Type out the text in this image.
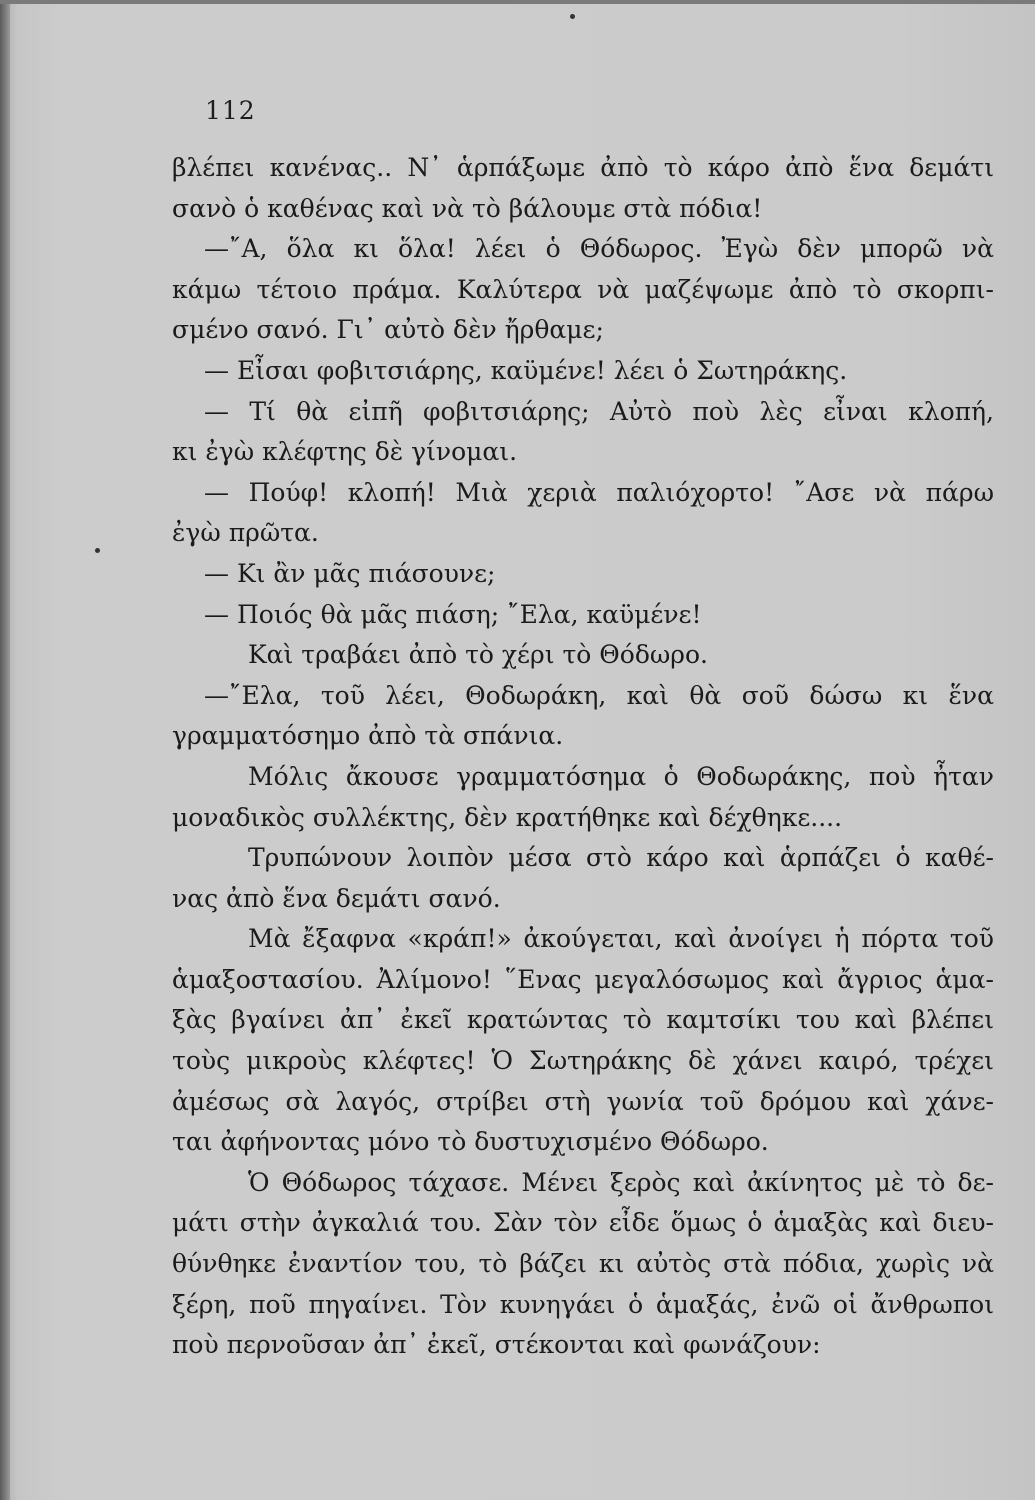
112
βλέπει κανένας.. Ν᾽ ἁρπάξωμε ἀπὸ τὸ κάρο ἀπὸ ἕνα δεμάτι
σανὸ ὁ καθένας καὶ νὰ τὸ βάλουμε στὰ πόδια!
—῎Α, ὅλα κι ὅλα! λέει ὁ Θόδωρος. Ἐγὼ δὲν μπορῶ νὰ
κάμω τέτοιο πράμα. Καλύτερα νὰ μαζέψωμε ἀπὸ τὸ σκορπι-
σμένο σανό. Γι᾽ αὐτὸ δὲν ἤρθαμε;
— Εἶσαι φοβιτσιάρης, καϋμένε! λέει ὁ Σωτηράκης.
— Τί θὰ εἰπῆ φοβιτσιάρης; Αὐτὸ ποὺ λὲς εἶναι κλοπή,
κι ἐγὼ κλέφτης δὲ γίνομαι.
— Πούφ! κλοπή! Μιὰ χεριὰ παλιόχορτο! ῎Ασε νὰ πάρω
ἐγὼ πρῶτα.
— Κι ἂν μᾶς πιάσουνε;
— Ποιός θὰ μᾶς πιάση; ῎Ελα, καϋμένε!
Καὶ τραβάει ἀπὸ τὸ χέρι τὸ Θόδωρο.
—῎Ελα, τοῦ λέει, Θοδωράκη, καὶ θὰ σοῦ δώσω κι ἕνα
γραμματόσημο ἀπὸ τὰ σπάνια.
Μόλις ἄκουσε γραμματόσημα ὁ Θοδωράκης, ποὺ ἦταν
μοναδικὸς συλλέκτης, δὲν κρατήθηκε καὶ δέχθηκε....
Τρυπώνουν λοιπὸν μέσα στὸ κάρο καὶ ἁρπάζει ὁ καθέ-
νας ἀπὸ ἕνα δεμάτι σανό.
Μὰ ἔξαφνα «κράπ!» ἀκούγεται, καὶ ἀνοίγει ἡ πόρτα τοῦ
ἁμαξοστασίου. Ἀλίμονο! ῞Ενας μεγαλόσωμος καὶ ἄγριος ἁμα-
ξὰς βγαίνει ἀπ᾽ ἐκεῖ κρατώντας τὸ καμτσίκι του καὶ βλέπει
τοὺς μικροὺς κλέφτες! Ὁ Σωτηράκης δὲ χάνει καιρό, τρέχει
ἀμέσως σὰ λαγός, στρίβει στὴ γωνία τοῦ δρόμου καὶ χάνε-
ται ἀφήνοντας μόνο τὸ δυστυχισμένο Θόδωρο.
Ὁ Θόδωρος τάχασε. Μένει ξερὸς καὶ ἀκίνητος μὲ τὸ δε-
μάτι στὴν ἀγκαλιά του. Σὰν τὸν εἶδε ὅμως ὁ ἁμαξὰς καὶ διευ-
θύνθηκε ἐναντίον του, τὸ βάζει κι αὐτὸς στὰ πόδια, χωρὶς νὰ
ξέρη, ποῦ πηγαίνει. Τὸν κυνηγάει ὁ ἁμαξάς, ἐνῶ οἱ ἄνθρωποι
ποὺ περνοῦσαν ἀπ᾽ ἐκεῖ, στέκονται καὶ φωνάζουν:
